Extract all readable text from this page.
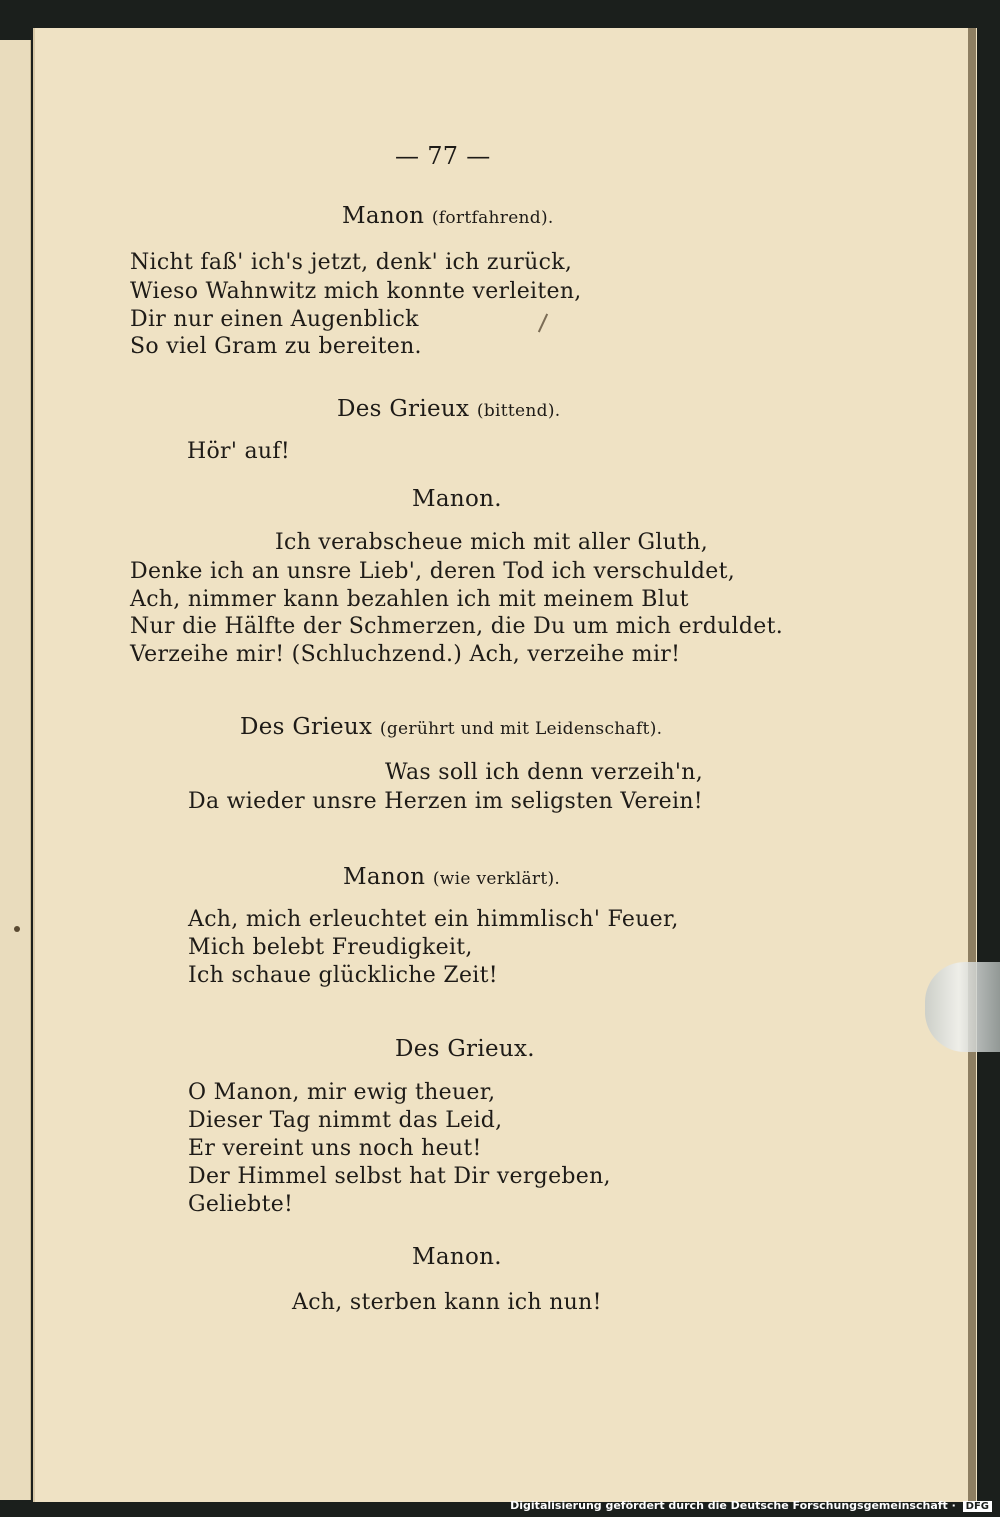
— 77 —
Manon (fortfahrend).
Nicht faß' ich's jetzt, denk' ich zurück,
Wieso Wahnwitz mich konnte verleiten,
Dir nur einen Augenblick
So viel Gram zu bereiten.
Des Grieux (bittend).
Hör' auf!
Manon.
Ich verabscheue mich mit aller Gluth,
Denke ich an unsre Lieb', deren Tod ich verschuldet,
Ach, nimmer kann bezahlen ich mit meinem Blut
Nur die Hälfte der Schmerzen, die Du um mich erduldet.
Verzeihe mir! (Schluchzend.) Ach, verzeihe mir!
Des Grieux (gerührt und mit Leidenschaft).
Was soll ich denn verzeih'n,
Da wieder unsre Herzen im seligsten Verein!
Manon (wie verklärt).
Ach, mich erleuchtet ein himmlisch' Feuer,
Mich belebt Freudigkeit,
Ich schaue glückliche Zeit!
Des Grieux.
O Manon, mir ewig theuer,
Dieser Tag nimmt das Leid,
Er vereint uns noch heut!
Der Himmel selbst hat Dir vergeben,
Geliebte!
Manon.
Ach, sterben kann ich nun!
Digitalisierung gefördert durch die Deutsche Forschungsgemeinschaft · DFG
